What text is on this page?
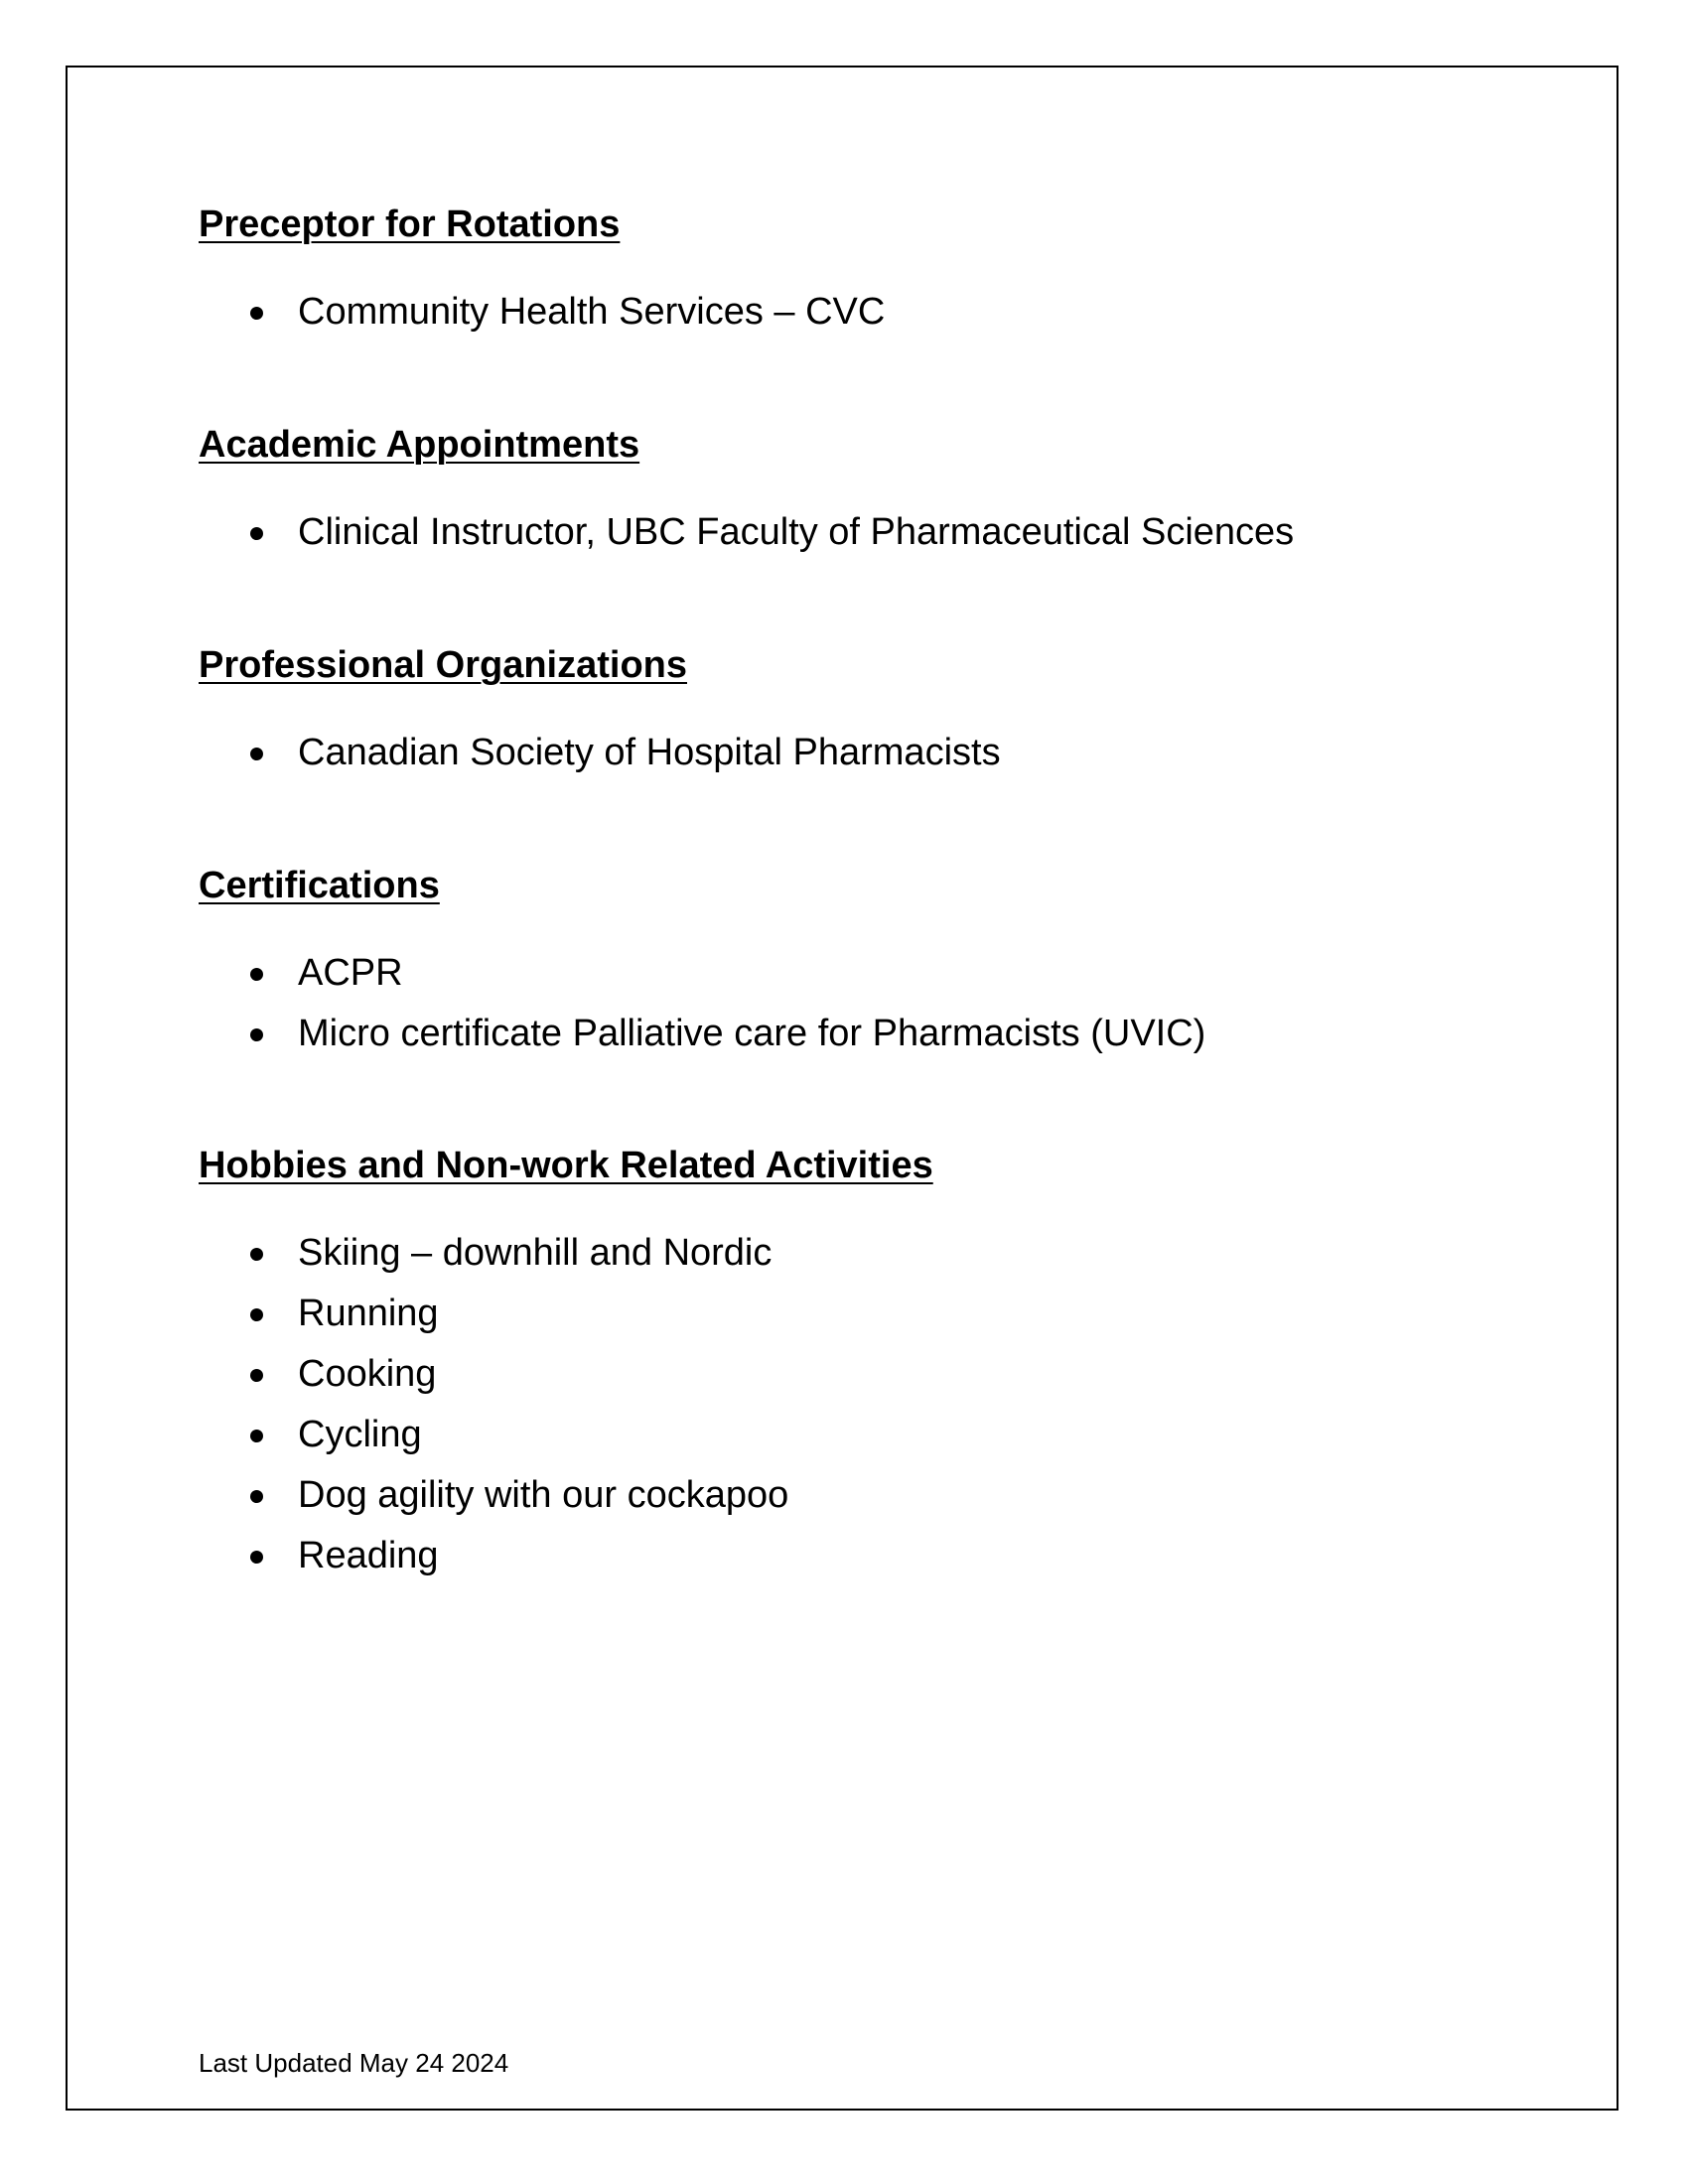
Preceptor for Rotations
Community Health Services – CVC
Academic Appointments
Clinical Instructor, UBC Faculty of Pharmaceutical Sciences
Professional Organizations
Canadian Society of Hospital Pharmacists
Certifications
ACPR
Micro certificate Palliative care for Pharmacists (UVIC)
Hobbies and Non-work Related Activities
Skiing – downhill and Nordic
Running
Cooking
Cycling
Dog agility with our cockapoo
Reading
Last Updated May 24 2024
